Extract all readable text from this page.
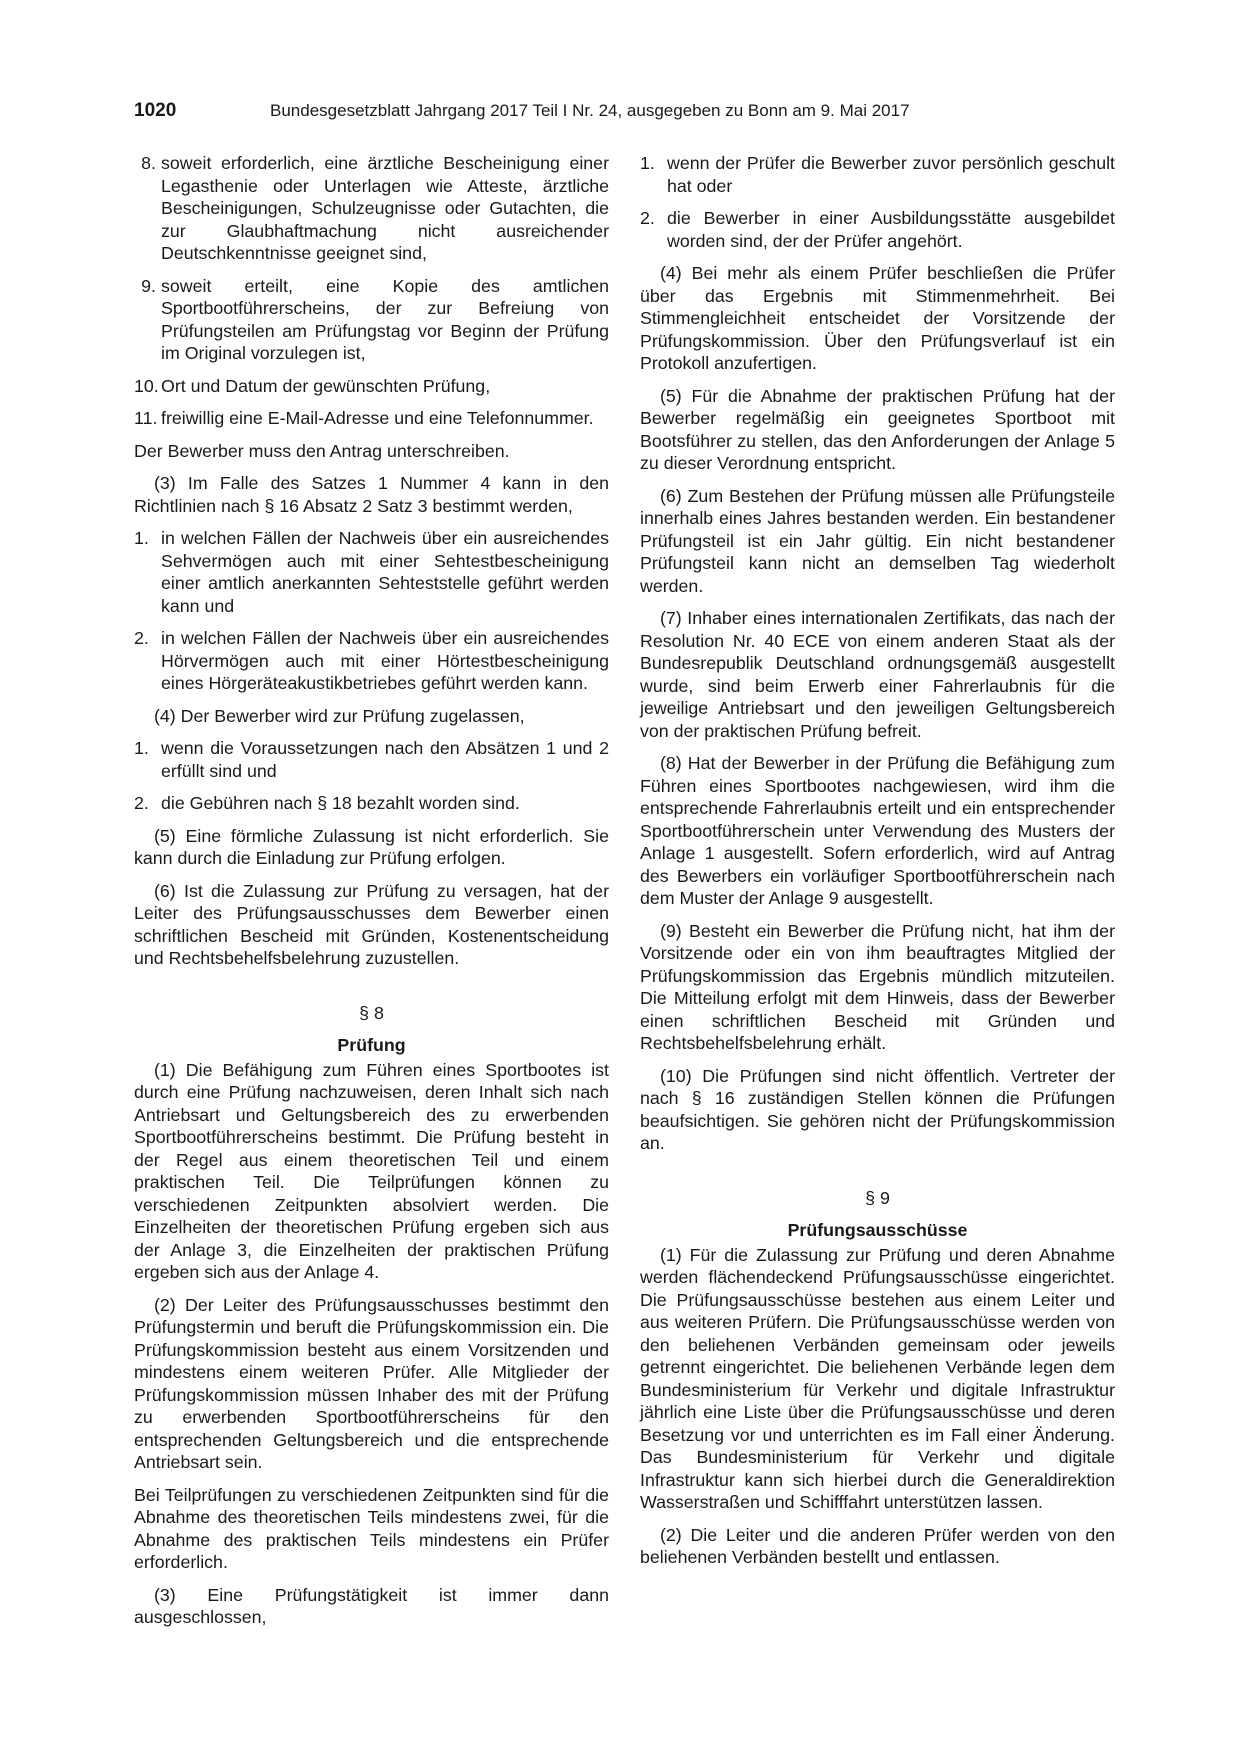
1020	Bundesgesetzblatt Jahrgang 2017 Teil I Nr. 24, ausgegeben zu Bonn am 9. Mai 2017
8. soweit erforderlich, eine ärztliche Bescheinigung einer Legasthenie oder Unterlagen wie Atteste, ärztliche Bescheinigungen, Schulzeugnisse oder Gutachten, die zur Glaubhaftmachung nicht ausreichender Deutschkenntnisse geeignet sind,
9. soweit erteilt, eine Kopie des amtlichen Sportbootführerscheins, der zur Befreiung von Prüfungsteilen am Prüfungstag vor Beginn der Prüfung im Original vorzulegen ist,
10. Ort und Datum der gewünschten Prüfung,
11. freiwillig eine E-Mail-Adresse und eine Telefonnummer.

Der Bewerber muss den Antrag unterschreiben.

(3) Im Falle des Satzes 1 Nummer 4 kann in den Richtlinien nach § 16 Absatz 2 Satz 3 bestimmt werden,

1. in welchen Fällen der Nachweis über ein ausreichendes Sehvermögen auch mit einer Sehtestbescheinigung einer amtlich anerkannten Sehteststelle geführt werden kann und
2. in welchen Fällen der Nachweis über ein ausreichendes Hörvermögen auch mit einer Hörtestbescheinigung eines Hörgeräteakustikbetriebes geführt werden kann.

(4) Der Bewerber wird zur Prüfung zugelassen,

1. wenn die Voraussetzungen nach den Absätzen 1 und 2 erfüllt sind und
2. die Gebühren nach § 18 bezahlt worden sind.

(5) Eine förmliche Zulassung ist nicht erforderlich. Sie kann durch die Einladung zur Prüfung erfolgen.

(6) Ist die Zulassung zur Prüfung zu versagen, hat der Leiter des Prüfungsausschusses dem Bewerber einen schriftlichen Bescheid mit Gründen, Kostenentscheidung und Rechtsbehelfsbelehrung zuzustellen.

§ 8
Prüfung

(1) Die Befähigung zum Führen eines Sportbootes ist durch eine Prüfung nachzuweisen, deren Inhalt sich nach Antriebsart und Geltungsbereich des zu erwerbenden Sportbootführerscheins bestimmt. Die Prüfung besteht in der Regel aus einem theoretischen Teil und einem praktischen Teil. Die Teilprüfungen können zu verschiedenen Zeitpunkten absolviert werden. Die Einzelheiten der theoretischen Prüfung ergeben sich aus der Anlage 3, die Einzelheiten der praktischen Prüfung ergeben sich aus der Anlage 4.

(2) Der Leiter des Prüfungsausschusses bestimmt den Prüfungstermin und beruft die Prüfungskommission ein. Die Prüfungskommission besteht aus einem Vorsitzenden und mindestens einem weiteren Prüfer. Alle Mitglieder der Prüfungskommission müssen Inhaber des mit der Prüfung zu erwerbenden Sportbootführerscheins für den entsprechenden Geltungsbereich und die entsprechende Antriebsart sein.

Bei Teilprüfungen zu verschiedenen Zeitpunkten sind für die Abnahme des theoretischen Teils mindestens zwei, für die Abnahme des praktischen Teils mindestens ein Prüfer erforderlich.

(3) Eine Prüfungstätigkeit ist immer dann ausgeschlossen,

1. wenn der Prüfer die Bewerber zuvor persönlich geschult hat oder
2. die Bewerber in einer Ausbildungsstätte ausgebildet worden sind, der der Prüfer angehört.

(4) Bei mehr als einem Prüfer beschließen die Prüfer über das Ergebnis mit Stimmenmehrheit. Bei Stimmengleichheit entscheidet der Vorsitzende der Prüfungskommission. Über den Prüfungsverlauf ist ein Protokoll anzufertigen.

(5) Für die Abnahme der praktischen Prüfung hat der Bewerber regelmäßig ein geeignetes Sportboot mit Bootsführer zu stellen, das den Anforderungen der Anlage 5 zu dieser Verordnung entspricht.

(6) Zum Bestehen der Prüfung müssen alle Prüfungsteile innerhalb eines Jahres bestanden werden. Ein bestandener Prüfungsteil ist ein Jahr gültig. Ein nicht bestandener Prüfungsteil kann nicht an demselben Tag wiederholt werden.

(7) Inhaber eines internationalen Zertifikats, das nach der Resolution Nr. 40 ECE von einem anderen Staat als der Bundesrepublik Deutschland ordnungsgemäß ausgestellt wurde, sind beim Erwerb einer Fahrerlaubnis für die jeweilige Antriebsart und den jeweiligen Geltungsbereich von der praktischen Prüfung befreit.

(8) Hat der Bewerber in der Prüfung die Befähigung zum Führen eines Sportbootes nachgewiesen, wird ihm die entsprechende Fahrerlaubnis erteilt und ein entsprechender Sportbootführerschein unter Verwendung des Musters der Anlage 1 ausgestellt. Sofern erforderlich, wird auf Antrag des Bewerbers ein vorläufiger Sportbootführerschein nach dem Muster der Anlage 9 ausgestellt.

(9) Besteht ein Bewerber die Prüfung nicht, hat ihm der Vorsitzende oder ein von ihm beauftragtes Mitglied der Prüfungskommission das Ergebnis mündlich mitzuteilen. Die Mitteilung erfolgt mit dem Hinweis, dass der Bewerber einen schriftlichen Bescheid mit Gründen und Rechtsbehelfsbelehrung erhält.

(10) Die Prüfungen sind nicht öffentlich. Vertreter der nach § 16 zuständigen Stellen können die Prüfungen beaufsichtigen. Sie gehören nicht der Prüfungskommission an.

§ 9
Prüfungsausschüsse

(1) Für die Zulassung zur Prüfung und deren Abnahme werden flächendeckend Prüfungsausschüsse eingerichtet. Die Prüfungsausschüsse bestehen aus einem Leiter und aus weiteren Prüfern. Die Prüfungsausschüsse werden von den beliehenen Verbänden gemeinsam oder jeweils getrennt eingerichtet. Die beliehenen Verbände legen dem Bundesministerium für Verkehr und digitale Infrastruktur jährlich eine Liste über die Prüfungsausschüsse und deren Besetzung vor und unterrichten es im Fall einer Änderung. Das Bundesministerium für Verkehr und digitale Infrastruktur kann sich hierbei durch die Generaldirektion Wasserstraßen und Schifffahrt unterstützen lassen.

(2) Die Leiter und die anderen Prüfer werden von den beliehenen Verbänden bestellt und entlassen.
